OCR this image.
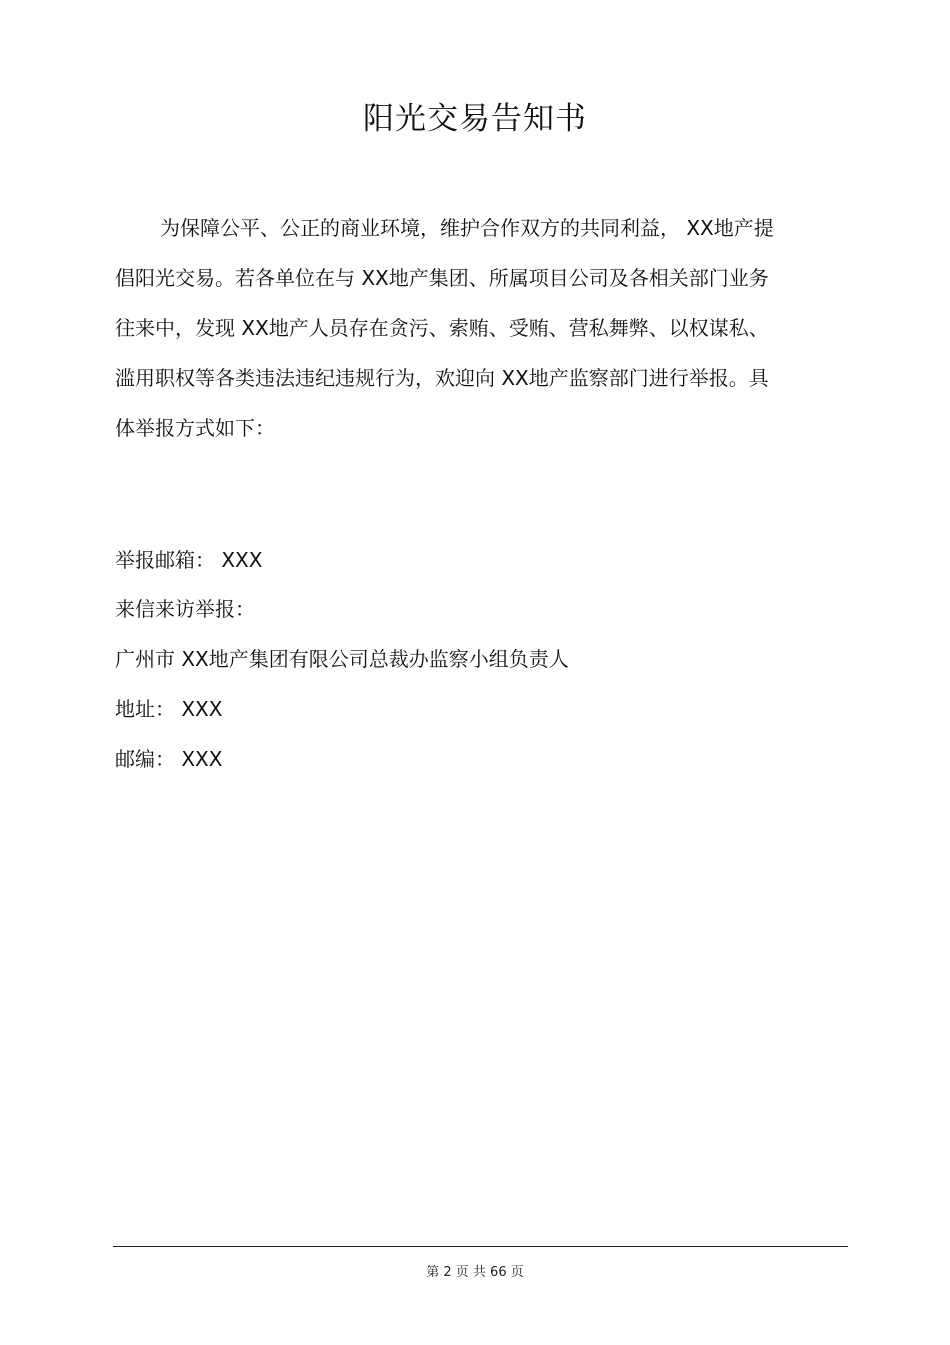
阳光交易告知书
为保障公平、公正的商业环境，维护合作双方的共同利益， XX地产提
倡阳光交易。若各单位在与 XX地产集团、所属项目公司及各相关部门业务
往来中，发现 XX地产人员存在贪污、索贿、受贿、营私舞弊、以权谋私、
滥用职权等各类违法违纪违规行为，欢迎向 XX地产监察部门进行举报。具
体举报方式如下：
举报邮箱： XXX
来信来访举报：
广州市 XX地产集团有限公司总裁办监察小组负责人
地址： XXX
邮编： XXX
第 2 页 共 66 页
